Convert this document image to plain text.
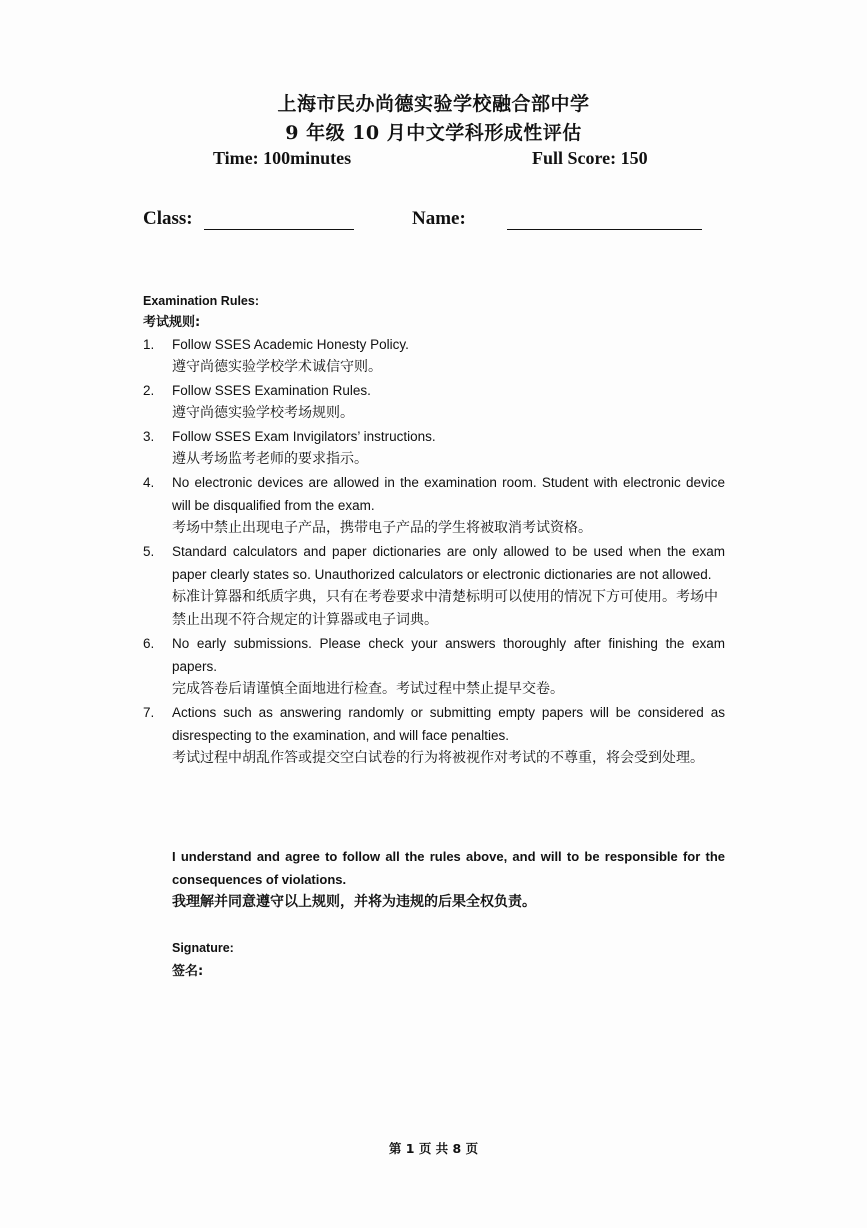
上海市民办尚德实验学校融合部中学
9 年级 10 月中文学科形成性评估
Time: 100minutes	Full Score: 150
Class:	Name:
Examination Rules:
考试规则:
1. Follow SSES Academic Honesty Policy.
遵守尚德实验学校学术诚信守则。
2. Follow SSES Examination Rules.
遵守尚德实验学校考场规则。
3. Follow SSES Exam Invigilators’ instructions.
遵从考场监考老师的要求指示。
4. No electronic devices are allowed in the examination room. Student with electronic device will be disqualified from the exam.
考场中禁止出现电子产品，携带电子产品的学生将被取消考试资格。
5. Standard calculators and paper dictionaries are only allowed to be used when the exam paper clearly states so. Unauthorized calculators or electronic dictionaries are not allowed.
标准计算器和纸质字典，只有在考卷要求中清楚标明可以使用的情况下方可使用。考场中禁止出现不符合规定的计算器或电子词典。
6. No early submissions. Please check your answers thoroughly after finishing the exam papers.
完成答卷后请谨慎全面地进行检查。考试过程中禁止提早交卷。
7. Actions such as answering randomly or submitting empty papers will be considered as disrespecting to the examination, and will face penalties.
考试过程中胡乱作答或提交空白试卷的行为将被视作对考试的不尊重，将会受到处理。
I understand and agree to follow all the rules above, and will to be responsible for the consequences of violations.
我理解并同意遵守以上规则，并将为违规的后果全权负责。
Signature:
签名:
第 1 页 共 8 页
